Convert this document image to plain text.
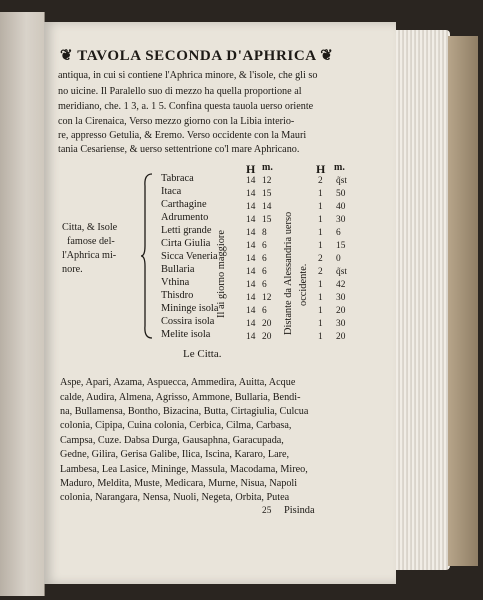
❦ TAVOLA SECONDA D'APHRICA ❦
antiqua, in cui si contiene l'Aphrica minore, & l'isole, che gli so
no uicine. Il Paralello suo di mezzo ha quella proportione al
meridiano, che. 1 3, a. 1 5. Confina questa tauola uerso oriente
con la Cirenaica, Verso mezzo giorno con la Libia interio-
re, appresso Getulia, & Eremo. Verso occidente con la Mauri
tania Cesariense, & uerso settentrione co'l mare Aphricano.
H m.	H m.
Citta, & Isole
famose del-
l'Aphrica mi-
nore.
Tabraca
Itaca
Carthagine
Adrumento
Letti grande
Cirta Giulia
Sicca Veneria
Bullaria
Vthina
Thisdro
Mininge isola
Cossira isola
Melite isola
14
14
14
14
14
14
14
14
14
14
14
14
14
12
15
14
15
8
6
6
6
6
12
6
20
20
2
1
1
1
1
1
2
2
1
1
1
1
1
q̃st
50
40
30
6
15
0
q̃st
42
30
20
30
20
Il ai giorno maggiore	Distante da Alessandria uerso occidente.
Le Citta.
Aspe, Apari, Azama, Aspuecca, Ammedira, Auitta, Acque
calde, Audira, Almena, Agrisso, Ammone, Bullaria, Bendi-
na, Bullamensa, Bontho, Bizacina, Butta, Cirtagiulia, Culcua
colonia, Cipipa, Cuina colonia, Cerbica, Cilma, Carbasa,
Campsa, Cuze. Dabsa Durga, Gausaphna, Garacupada,
Gedne, Gilira, Gerisa Galibe, Ilica, Iscina, Kararo, Lare,
Lambesa, Lea Lasice, Mininge, Massula, Macodama, Mireo,
Maduro, Meldita, Muste, Medicara, Murne, Nisua, Napoli
colonia, Narangara, Nensa, Nuoli, Negeta, Orbita, Putea
25 Pisinda
